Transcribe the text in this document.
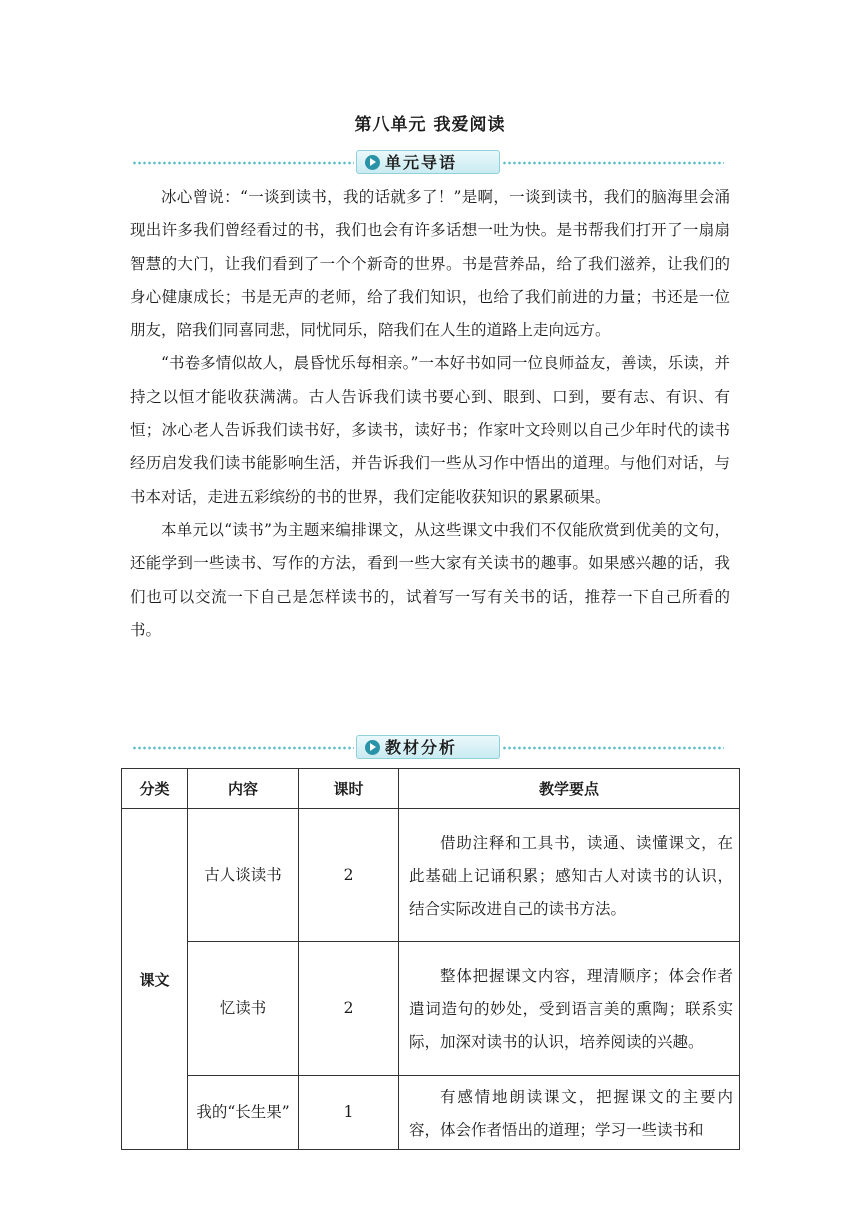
第八单元 我爱阅读
单元导语

冰心曾说：“一谈到读书，我的话就多了！”是啊，一谈到读书，我们的脑海里会涌现出许多我们曾经看过的书，我们也会有许多话想一吐为快。是书帮我们打开了一扇扇智慧的大门，让我们看到了一个个新奇的世界。书是营养品，给了我们滋养，让我们的身心健康成长；书是无声的老师，给了我们知识，也给了我们前进的力量；书还是一位朋友，陪我们同喜同悲，同忧同乐，陪我们在人生的道路上走向远方。

“书卷多情似故人，晨昏忧乐每相亲。”一本好书如同一位良师益友，善读，乐读，并持之以恒才能收获满满。古人告诉我们读书要心到、眼到、口到，要有志、有识、有恒；冰心老人告诉我们读书好，多读书，读好书；作家叶文玲则以自己少年时代的读书经历启发我们读书能影响生活，并告诉我们一些从习作中悟出的道理。与他们对话，与书本对话，走进五彩缤纷的书的世界，我们定能收获知识的累累硕果。

本单元以“读书”为主题来编排课文，从这些课文中我们不仅能欣赏到优美的文句，还能学到一些读书、写作的方法，看到一些大家有关读书的趣事。如果感兴趣的话，我们也可以交流一下自己是怎样读书的，试着写一写有关书的话，推荐一下自己所看的书。

教材分析
分类	内容	课时	教学要点
课文	古人谈读书	2	借助注释和工具书，读通、读懂课文，在此基础上记诵积累；感知古人对读书的认识，结合实际改进自己的读书方法。

	忆读书	2	整体把握课文内容，理清顺序；体会作者遣词造句的妙处，受到语言美的熏陶；联系实际，加深对读书的认识，培养阅读的兴趣。

	我的“长生果”	1	有感情地朗读课文，把握课文的主要内容，体会作者悟出的道理；学习一些读书和
